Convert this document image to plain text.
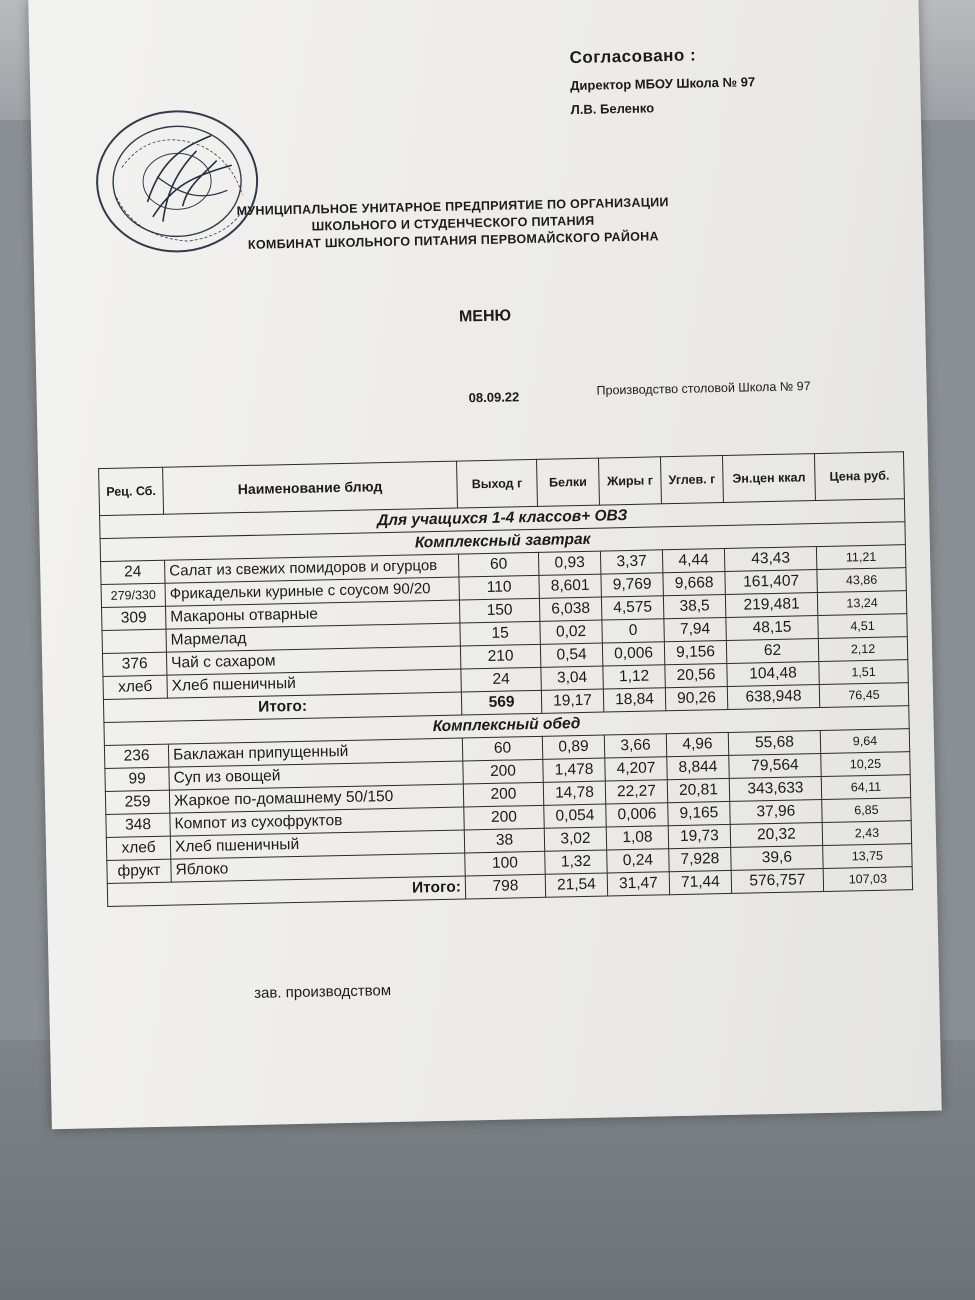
Согласовано :
Директор МБОУ Школа № 97
Л.В. Беленко
МУНИЦИПАЛЬНОЕ УНИТАРНОЕ ПРЕДПРИЯТИЕ ПО ОРГАНИЗАЦИИ
ШКОЛЬНОГО И СТУДЕНЧЕСКОГО ПИТАНИЯ
КОМБИНАТ ШКОЛЬНОГО ПИТАНИЯ ПЕРВОМАЙСКОГО РАЙОНА
МЕНЮ
08.09.22	Производство столовой Школа № 97
Рец. Сб.	Наименование блюд	Выход г	Белки	Жиры г	Углев. г	Эн.цен ккал	Цена руб.
Для учащихся 1-4 классов+ ОВЗ							
Комплексный завтрак							
24	Салат из свежих помидоров и огурцов	60	0,93	3,37	4,44	43,43	11,21
279/330	Фрикадельки куриные с соусом 90/20	110	8,601	9,769	9,668	161,407	43,86
309	Макароны отварные	150	6,038	4,575	38,5	219,481	13,24
	Мармелад	15	0,02	0	7,94	48,15	4,51
376	Чай с сахаром	210	0,54	0,006	9,156	62	2,12
хлеб	Хлеб пшеничный	24	3,04	1,12	20,56	104,48	1,51
Итого:		569	19,17	18,84	90,26	638,948	76,45
Комплексный обед							
236	Баклажан припущенный	60	0,89	3,66	4,96	55,68	9,64
99	Суп из овощей	200	1,478	4,207	8,844	79,564	10,25
259	Жаркое по-домашнему 50/150	200	14,78	22,27	20,81	343,633	64,11
348	Компот из сухофруктов	200	0,054	0,006	9,165	37,96	6,85
хлеб	Хлеб пшеничный	38	3,02	1,08	19,73	20,32	2,43
фрукт	Яблоко	100	1,32	0,24	7,928	39,6	13,75
Итого:		798	21,54	31,47	71,44	576,757	107,03
зав. производством
